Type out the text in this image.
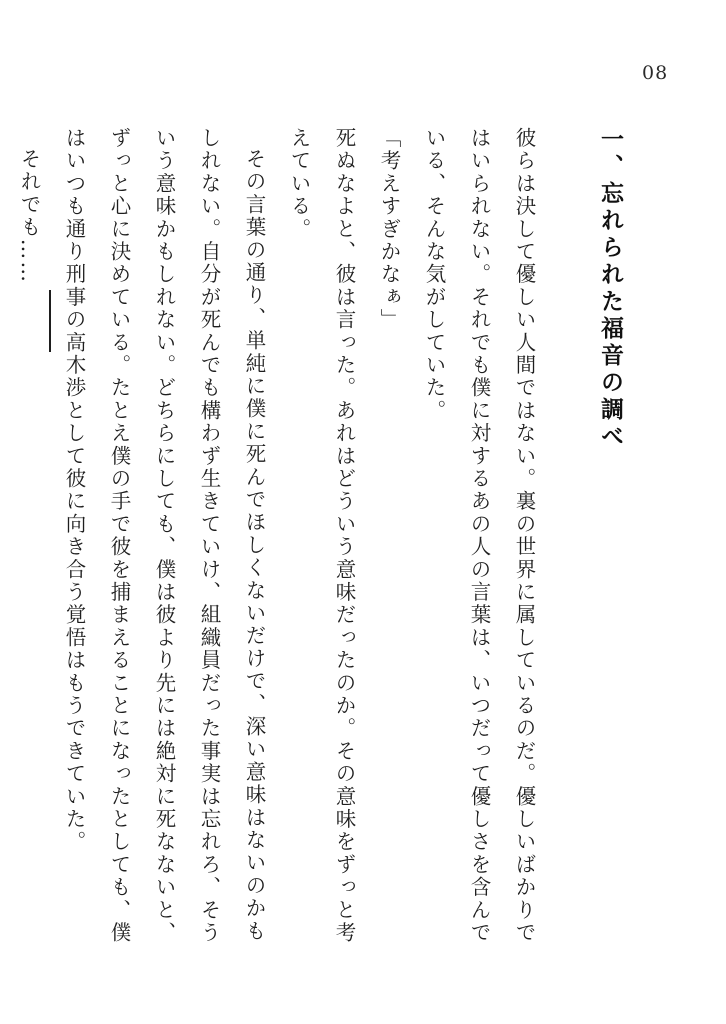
08
一、忘れられた福音の調べ

彼らは決して優しい人間ではない。裏の世界に属しているのだ。優しいばかりではいられない。それでも僕に対するあの人の言葉は、いつだって優しさを含んでいる、そんな気がしていた。

「考えすぎかなぁ」

死ぬなよと、彼は言った。あれはどういう意味だったのか。その意味をずっと考えている。

その言葉の通り、単純に僕に死んでほしくないだけで、深い意味はないのかもしれない。自分が死んでも構わず生きていけ、組織員だった事実は忘れろ、そういう意味かもしれない。どちらにしても、僕は彼より先には絶対に死なないと、ずっと心に決めている。たとえ僕の手で彼を捕まえることになったとしても、僕はいつも通り刑事の高木渉として彼に向き合う覚悟はもうできていた。

それでも……
